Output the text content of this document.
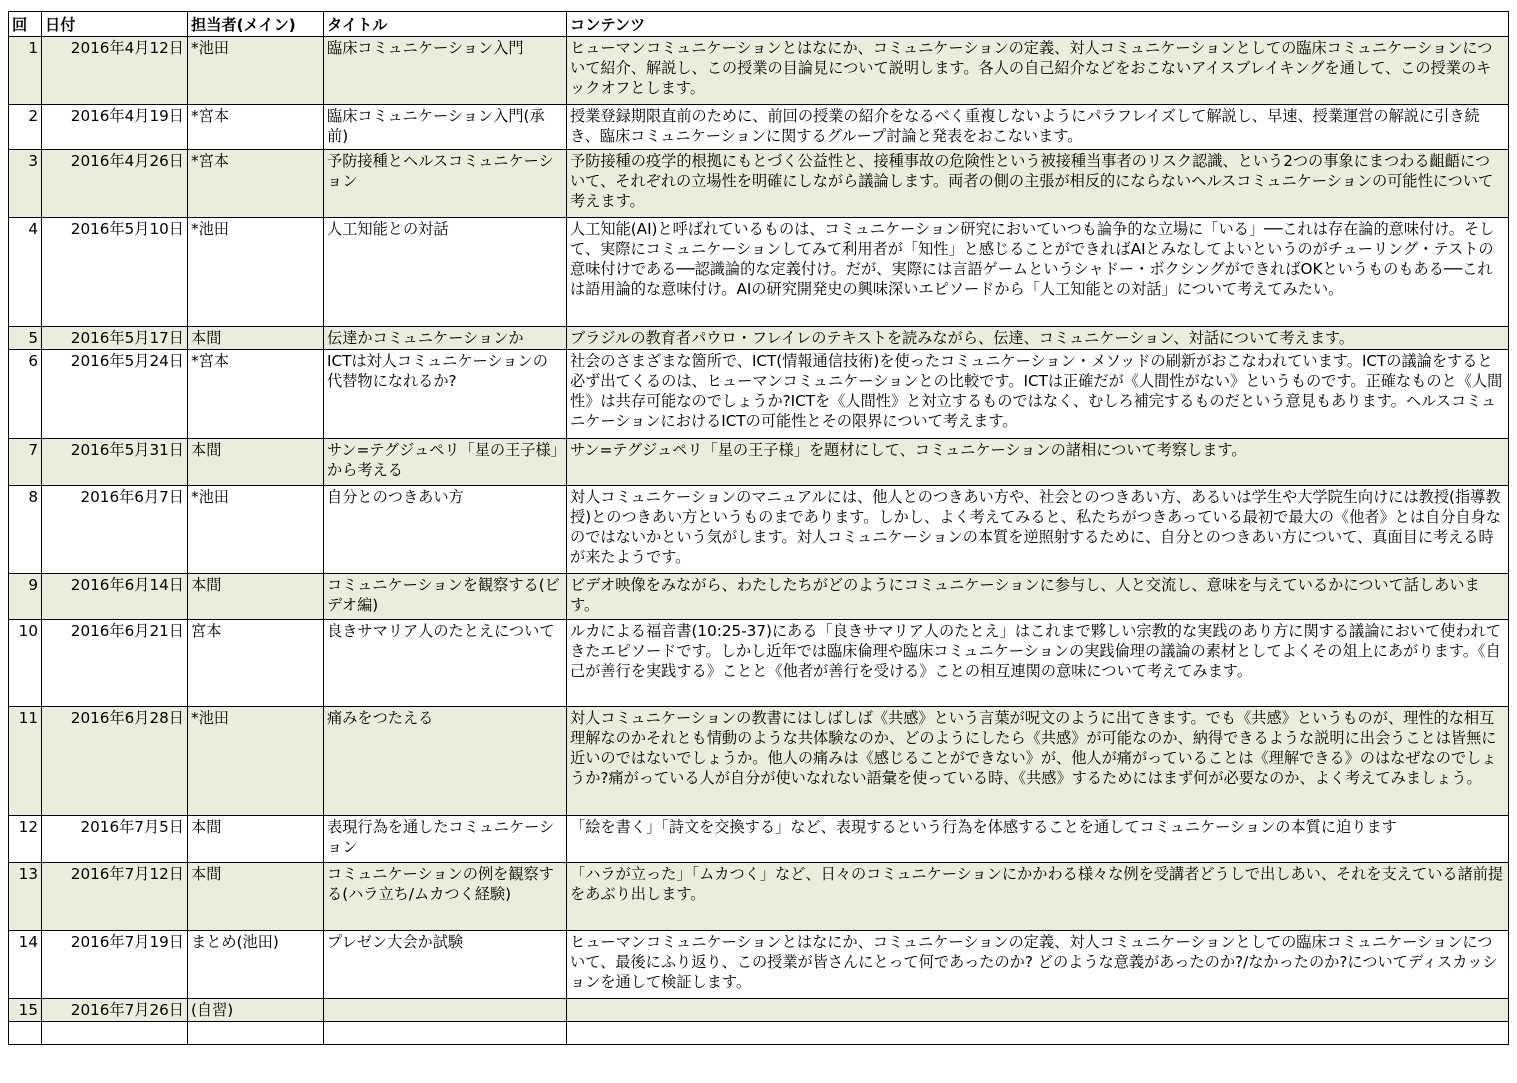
回	日付	担当者(メイン)	タイトル	コンテンツ
1	2016年4月12日	*池田	臨床コミュニケーション入門	ヒューマンコミュニケーションとはなにか、コミュニケーションの定義、対人コミュニケーションとしての臨床コミュニケーションについて紹介、解説し、この授業の目論見について説明します。各人の自己紹介などをおこないアイスブレイキングを通して、この授業のキックオフとします。
2	2016年4月19日	*宮本	臨床コミュニケーション入門(承前)	授業登録期限直前のために、前回の授業の紹介をなるべく重複しないようにパラフレイズして解説し、早速、授業運営の解説に引き続き、臨床コミュニケーションに関するグループ討論と発表をおこないます。
3	2016年4月26日	*宮本	予防接種とヘルスコミュニケーション	予防接種の疫学的根拠にもとづく公益性と、接種事故の危険性という被接種当事者のリスク認識、という2つの事象にまつわる齟齬について、それぞれの立場性を明確にしながら議論します。両者の側の主張が相反的にならないヘルスコミュニケーションの可能性について考えます。
4	2016年5月10日	*池田	人工知能との対話	人工知能(AI)と呼ばれているものは、コミュニケーション研究においていつも論争的な立場に「いる」──これは存在論的意味付け。そして、実際にコミュニケーションしてみて利用者が「知性」と感じることができればAIとみなしてよいというのがチューリング・テストの意味付けである──認識論的な定義付け。だが、実際には言語ゲームというシャドー・ボクシングができればOKというものもある──これは語用論的な意味付け。AIの研究開発史の興味深いエピソードから「人工知能との対話」について考えてみたい。
5	2016年5月17日	本間	伝達かコミュニケーションか	ブラジルの教育者パウロ・フレイレのテキストを読みながら、伝達、コミュニケーション、対話について考えます。
6	2016年5月24日	*宮本	ICTは対人コミュニケーションの代替物になれるか?	社会のさまざまな箇所で、ICT(情報通信技術)を使ったコミュニケーション・メソッドの刷新がおこなわれています。ICTの議論をすると必ず出てくるのは、ヒューマンコミュニケーションとの比較です。ICTは正確だが《人間性がない》というものです。正確なものと《人間性》は共存可能なのでしょうか?ICTを《人間性》と対立するものではなく、むしろ補完するものだという意見もあります。ヘルスコミュニケーションにおけるICTの可能性とその限界について考えます。
7	2016年5月31日	本間	サン=テグジュペリ「星の王子様」から考える	サン=テグジュペリ「星の王子様」を題材にして、コミュニケーションの諸相について考察します。
8	2016年6月7日	*池田	自分とのつきあい方	対人コミュニケーションのマニュアルには、他人とのつきあい方や、社会とのつきあい方、あるいは学生や大学院生向けには教授(指導教授)とのつきあい方というものまであります。しかし、よく考えてみると、私たちがつきあっている最初で最大の《他者》とは自分自身なのではないかという気がします。対人コミュニケーションの本質を逆照射するために、自分とのつきあい方について、真面目に考える時が来たようです。
9	2016年6月14日	本間	コミュニケーションを観察する(ビデオ編)	ビデオ映像をみながら、わたしたちがどのようにコミュニケーションに参与し、人と交流し、意味を与えているかについて話しあいます。
10	2016年6月21日	宮本	良きサマリア人のたとえについて	ルカによる福音書(10:25-37)にある「良きサマリア人のたとえ」はこれまで夥しい宗教的な実践のあり方に関する議論において使われてきたエピソードです。しかし近年では臨床倫理や臨床コミュニケーションの実践倫理の議論の素材としてよくその俎上にあがります。《自己が善行を実践する》ことと《他者が善行を受ける》ことの相互連関の意味について考えてみます。
11	2016年6月28日	*池田	痛みをつたえる	対人コミュニケーションの教書にはしばしば《共感》という言葉が呪文のように出てきます。でも《共感》というものが、理性的な相互理解なのかそれとも情動のような共体験なのか、どのようにしたら《共感》が可能なのか、納得できるような説明に出会うことは皆無に近いのではないでしょうか。他人の痛みは《感じることができない》が、他人が痛がっていることは《理解できる》のはなぜなのでしょうか?痛がっている人が自分が使いなれない語彙を使っている時、《共感》するためにはまず何が必要なのか、よく考えてみましょう。
12	2016年7月5日	本間	表現行為を通したコミュニケーション	「絵を書く」「詩文を交換する」など、表現するという行為を体感することを通してコミュニケーションの本質に迫ります
13	2016年7月12日	本間	コミュニケーションの例を観察する(ハラ立ち/ムカつく経験)	「ハラが立った」「ムカつく」など、日々のコミュニケーションにかかわる様々な例を受講者どうしで出しあい、それを支えている諸前提をあぶり出します。
14	2016年7月19日	まとめ(池田)	プレゼン大会か試験	ヒューマンコミュニケーションとはなにか、コミュニケーションの定義、対人コミュニケーションとしての臨床コミュニケーションについて、最後にふり返り、この授業が皆さんにとって何であったのか? どのような意義があったのか?/なかったのか?についてディスカッションを通して検証します。
15	2016年7月26日	(自習)		
